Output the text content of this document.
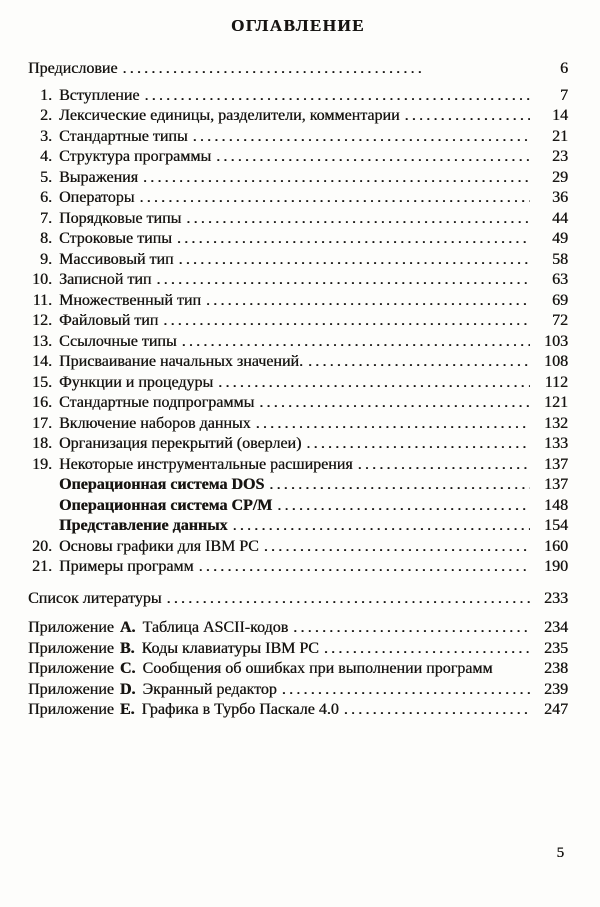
ОГЛАВЛЕНИЕ
Предисловие .....	6
1. Вступление .....	7
2. Лексические единицы, разделители, комментарии .....	14
3. Стандартные типы .....	21
4. Структура программы .....	23
5. Выражения .....	29
6. Операторы .....	36
7. Порядковые типы .....	44
8. Строковые типы .....	49
9. Массивовый тип .....	58
10. Записной тип .....	63
11. Множественный тип .....	69
12. Файловый тип .....	72
13. Ссылочные типы .....	103
14. Присваивание начальных значений. .....	108
15. Функции и процедуры .....	112
16. Стандартные подпрограммы .....	121
17. Включение наборов данных .....	132
18. Организация перекрытий (оверлеи) .....	133
19. Некоторые инструментальные расширения .....	137
Операционная система DOS .....	137
Операционная система CP/M .....	148
Представление данных .....	154
20. Основы графики для IBM PC .....	160
21. Примеры программ .....	190
Список литературы .....	233
Приложение A. Таблица ASCII-кодов .....	234
Приложение B. Коды клавиатуры IBM PC .....	235
Приложение C. Сообщения об ошибках при выполнении программ	238
Приложение D. Экранный редактор .....	239
Приложение E. Графика в Турбо Паскале 4.0 .....	247
5
